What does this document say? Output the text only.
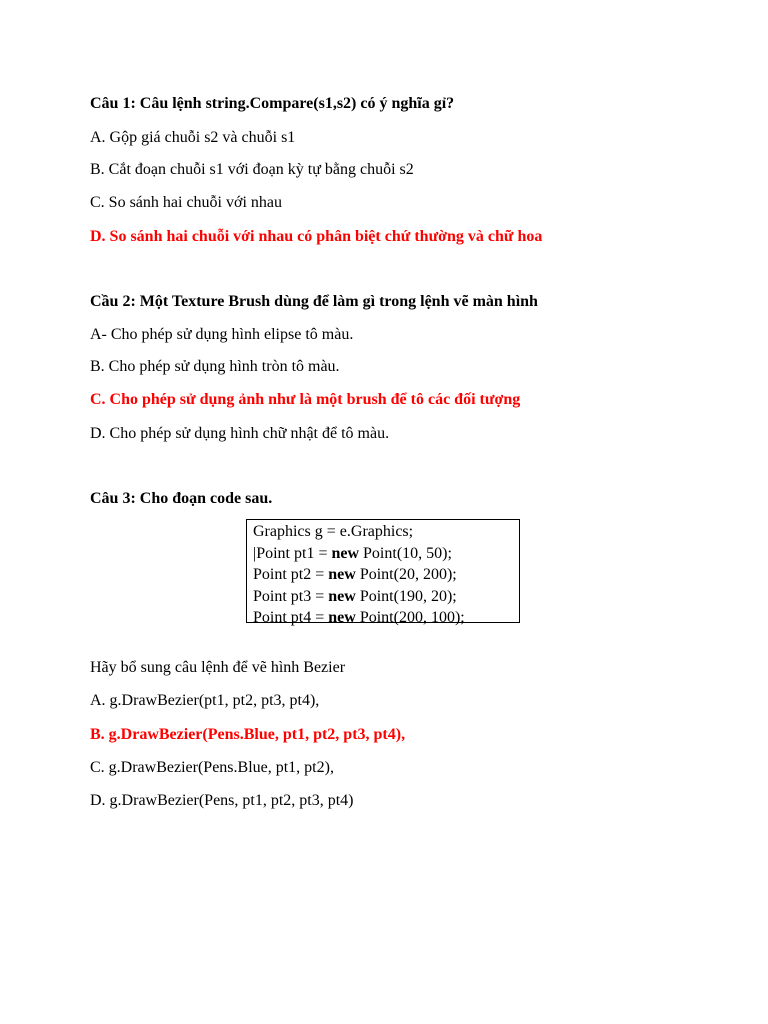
Câu 1: Câu lệnh string.Compare(s1,s2) có ý nghĩa gỉ?
A. Gộp giá chuỗi s2 và chuỗi s1
B. Cắt đoạn chuỗi s1 với đoạn kỳ tự bằng chuỗi s2
C. So sánh hai chuỗi với nhau
D. So sánh hai chuỗi với nhau có phân biệt chứ thường và chữ hoa
Cầu 2: Một Texture Brush dùng để làm gì trong lệnh vẽ màn hình
A- Cho phép sử dụng hình elipse tô màu.
B. Cho phép sử dụng hình tròn tô màu.
C. Cho phép sử dụng ảnh như là một brush để tô các đối tượng
D. Cho phép sử dụng hình chữ nhật để tô màu.
Câu 3: Cho đoạn code sau.
Graphics g = e.Graphics;
|Point pt1 = new Point(10, 50);
Point pt2 = new Point(20, 200);
Point pt3 = new Point(190, 20);
Point pt4 = new Point(200, 100);
Hãy bổ sung câu lệnh để vẽ hình Bezier
A. g.DrawBezier(pt1, pt2, pt3, pt4),
B. g.DrawBezier(Pens.Blue, pt1, pt2, pt3, pt4),
C. g.DrawBezier(Pens.Blue, pt1, pt2),
D. g.DrawBezier(Pens, pt1, pt2, pt3, pt4)
